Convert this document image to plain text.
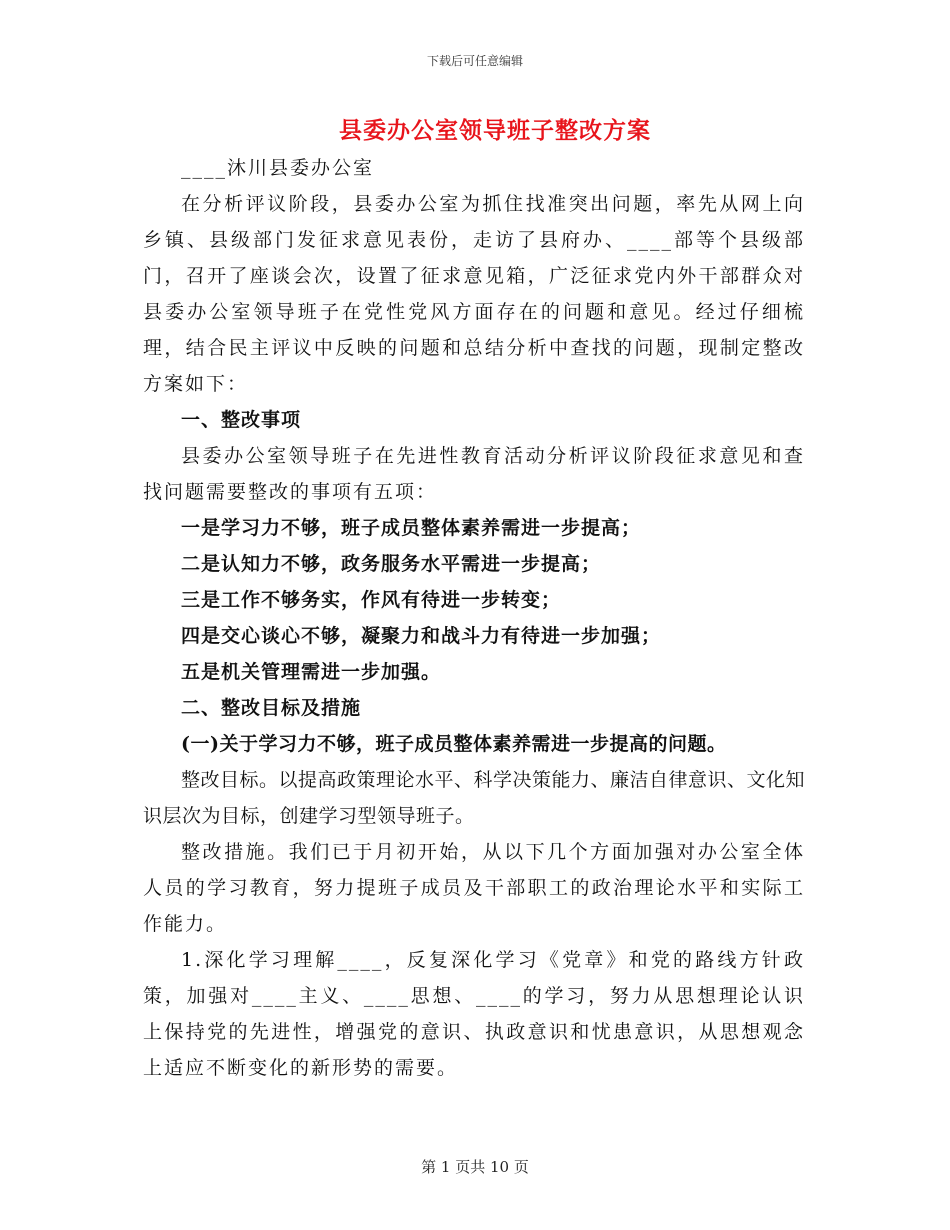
下载后可任意编辑
县委办公室领导班子整改方案

____沐川县委办公室

在分析评议阶段，县委办公室为抓住找准突出问题，率先从网上向乡镇、县级部门发征求意见表份，走访了县府办、____部等个县级部门，召开了座谈会次，设置了征求意见箱，广泛征求党内外干部群众对县委办公室领导班子在党性党风方面存在的问题和意见。经过仔细梳理，结合民主评议中反映的问题和总结分析中查找的问题，现制定整改方案如下：

一、整改事项

县委办公室领导班子在先进性教育活动分析评议阶段征求意见和查找问题需要整改的事项有五项：

一是学习力不够，班子成员整体素养需进一步提高；

二是认知力不够，政务服务水平需进一步提高；

三是工作不够务实，作风有待进一步转变；

四是交心谈心不够，凝聚力和战斗力有待进一步加强；

五是机关管理需进一步加强。

二、整改目标及措施

(一)关于学习力不够，班子成员整体素养需进一步提高的问题。

整改目标。以提高政策理论水平、科学决策能力、廉洁自律意识、文化知识层次为目标，创建学习型领导班子。

整改措施。我们已于月初开始，从以下几个方面加强对办公室全体人员的学习教育，努力提班子成员及干部职工的政治理论水平和实际工作能力。

1.深化学习理解____，反复深化学习《党章》和党的路线方针政策，加强对____主义、____思想、____的学习，努力从思想理论认识上保持党的先进性，增强党的意识、执政意识和忧患意识，从思想观念上适应不断变化的新形势的需要。

第 1 页共 10 页
